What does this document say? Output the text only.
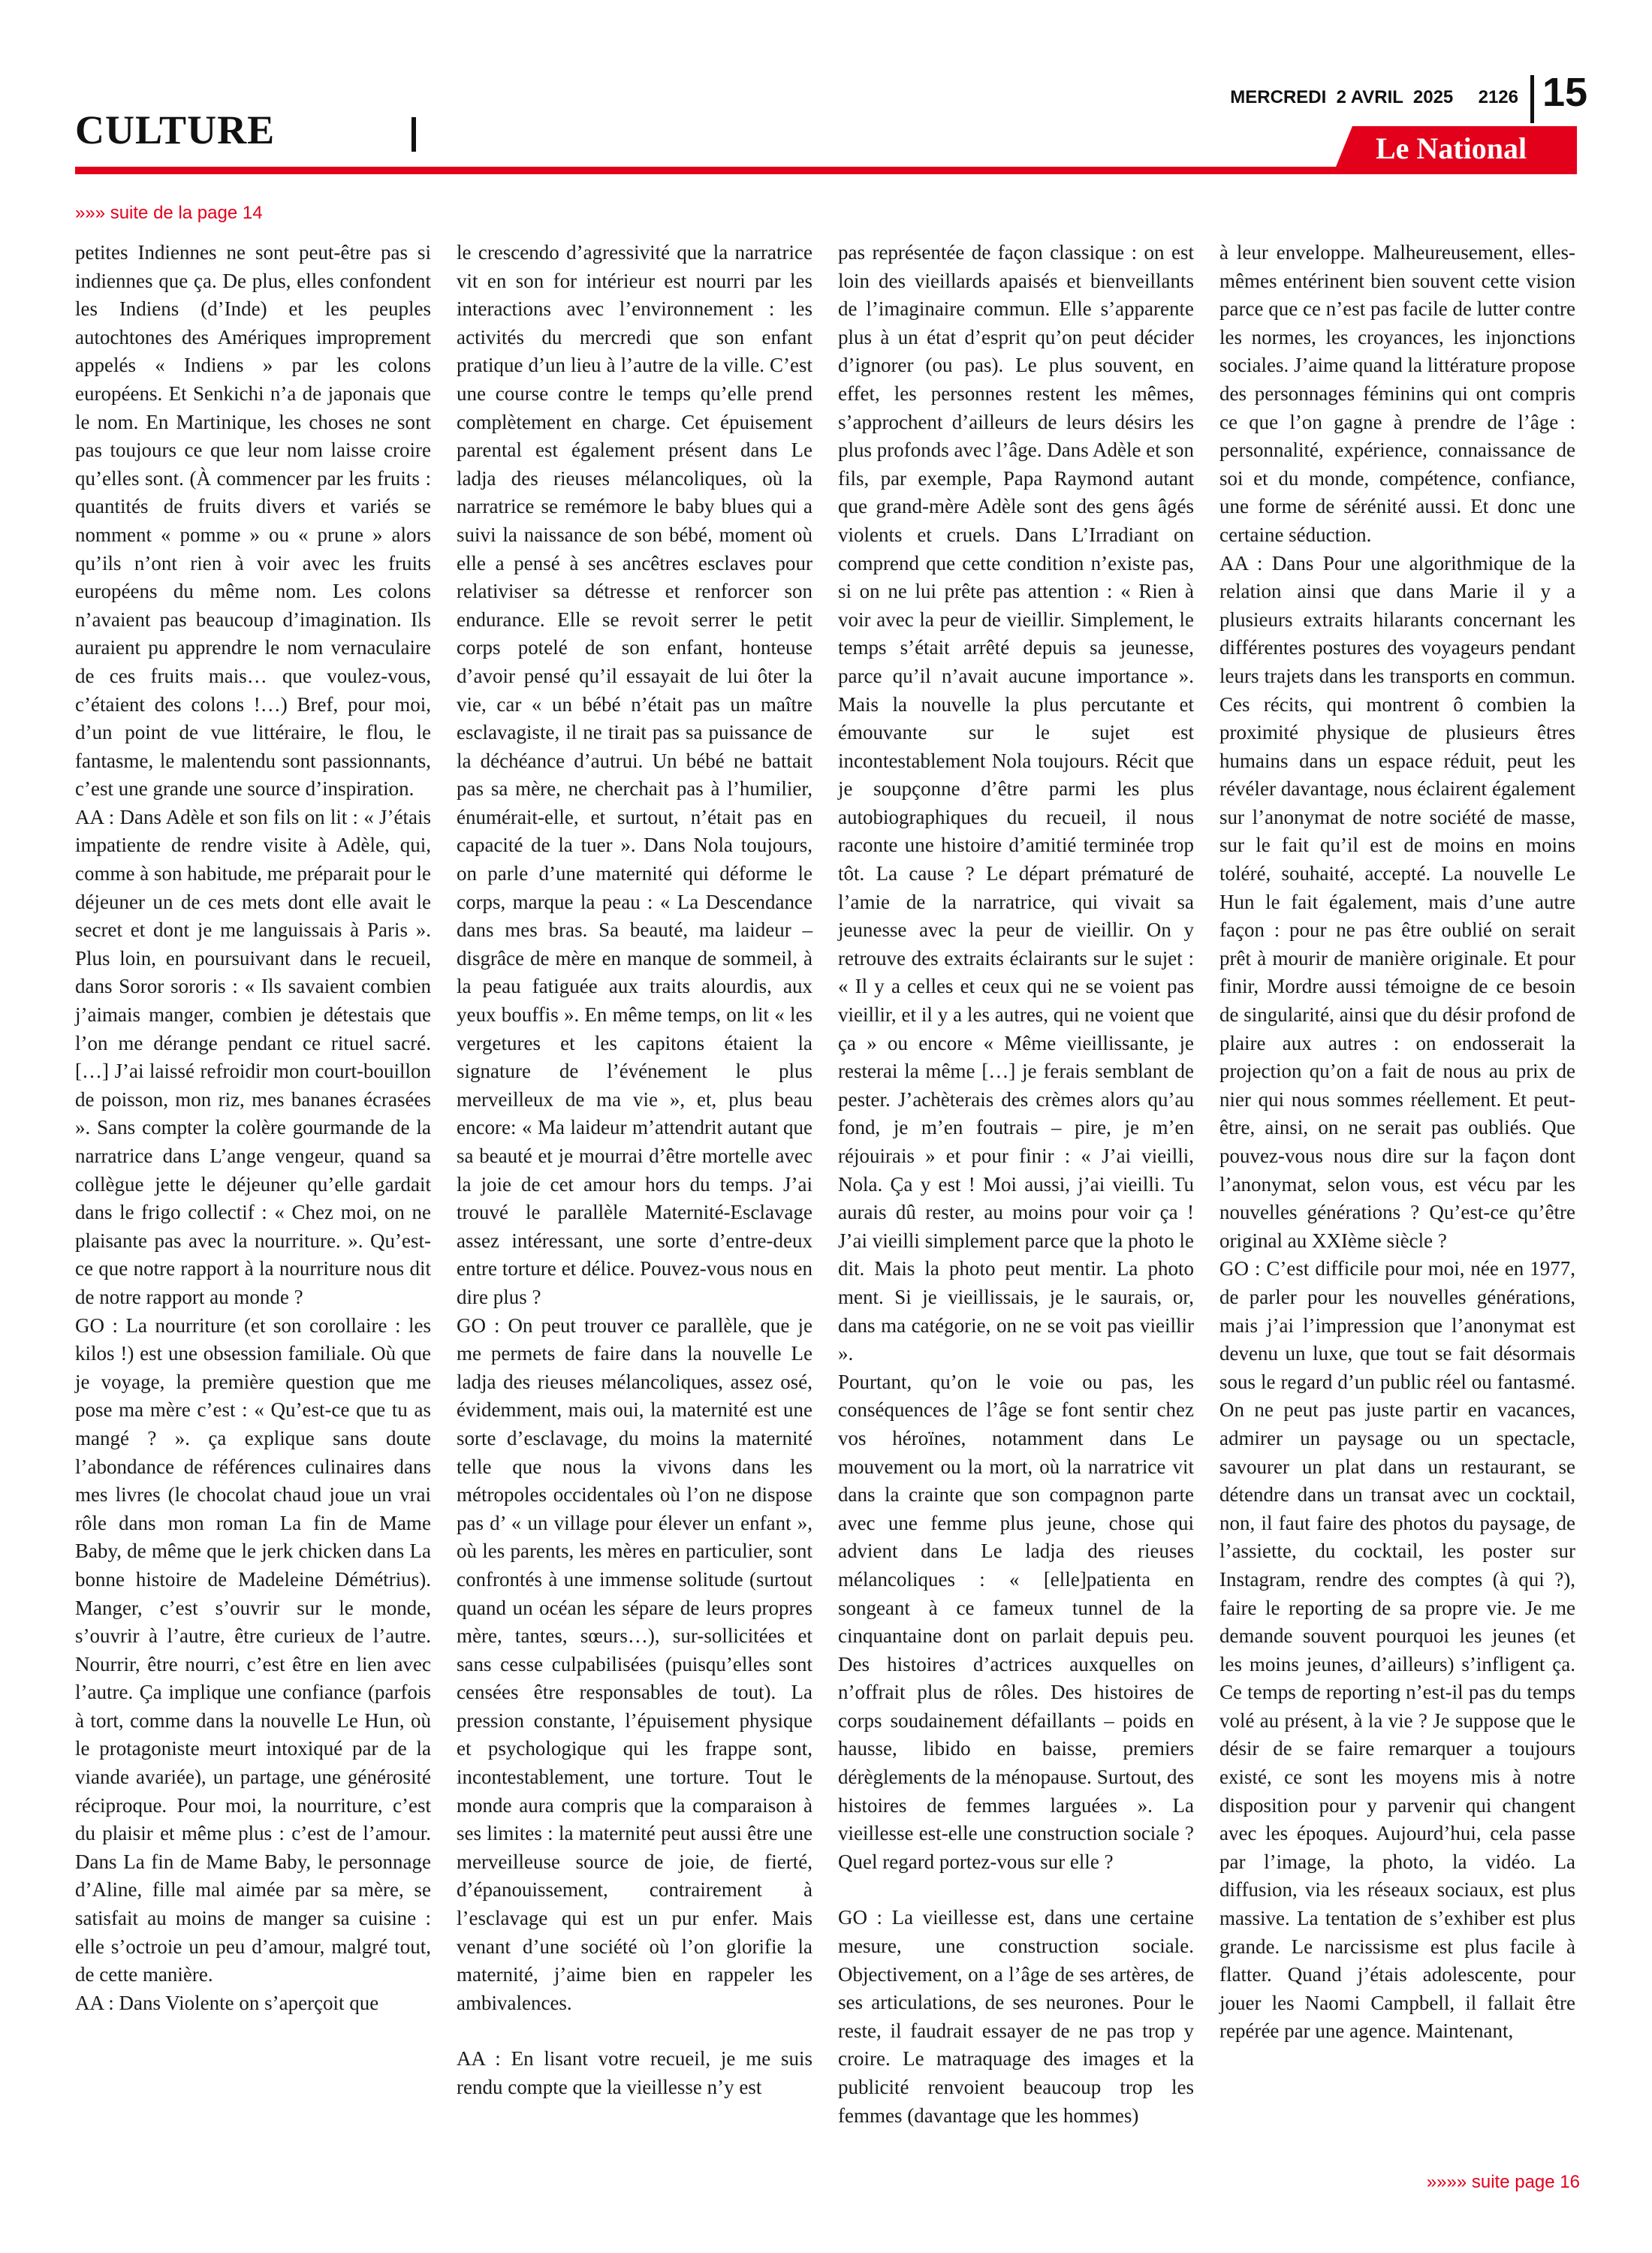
CULTURE
MERCREDI  2 AVRIL  2025 2126 15
Le National
»»» suite de la page 14

petites Indiennes ne sont peut-être pas si indiennes que ça. De plus, elles confondent les Indiens (d’Inde) et les peuples autochtones des Amériques improprement appelés « Indiens » par les colons européens. Et Senkichi n’a de japonais que le nom. En Martinique, les choses ne sont pas toujours ce que leur nom laisse croire qu’elles sont. (À commencer par les fruits : quantités de fruits divers et variés se nomment « pomme » ou « prune » alors qu’ils n’ont rien à voir avec les fruits européens du même nom. Les colons n’avaient pas beaucoup d’imagination. Ils auraient pu apprendre le nom vernaculaire de ces fruits mais… que voulez-vous, c’étaient des colons !…) Bref, pour moi, d’un point de vue littéraire, le flou, le fantasme, le malentendu sont passionnants, c’est une grande une source d’inspiration.

AA : Dans Adèle et son fils on lit : « J’étais impatiente de rendre visite à Adèle, qui, comme à son habitude, me préparait pour le déjeuner un de ces mets dont elle avait le secret et dont je me languissais à Paris ». Plus loin, en poursuivant dans le recueil, dans Soror sororis : « Ils savaient combien j’aimais manger, combien je détestais que l’on me dérange pendant ce rituel sacré. […] J’ai laissé refroidir mon court-bouillon de poisson, mon riz, mes bananes écrasées ». Sans compter la colère gourmande de la narratrice dans L’ange vengeur, quand sa collègue jette le déjeuner qu’elle gardait dans le frigo collectif : « Chez moi, on ne plaisante pas avec la nourriture. ». Qu’est-ce que notre rapport à la nourriture nous dit de notre rapport au monde ?

GO : La nourriture (et son corollaire : les kilos !) est une obsession familiale. Où que je voyage, la première question que me pose ma mère c’est : « Qu’est-ce que tu as mangé ? ». ça explique sans doute l’abondance de références culinaires dans mes livres (le chocolat chaud joue un vrai rôle dans mon roman La fin de Mame Baby, de même que le jerk chicken dans La bonne histoire de Madeleine Démétrius). Manger, c’est s’ouvrir sur le monde, s’ouvrir à l’autre, être curieux de l’autre. Nourrir, être nourri, c’est être en lien avec l’autre. Ça implique une confiance (parfois à tort, comme dans la nouvelle Le Hun, où le protagoniste meurt intoxiqué par de la viande avariée), un partage, une générosité réciproque. Pour moi, la nourriture, c’est du plaisir et même plus : c’est de l’amour. Dans La fin de Mame Baby, le personnage d’Aline, fille mal aimée par sa mère, se satisfait au moins de manger sa cuisine : elle s’octroie un peu d’amour, malgré tout, de cette manière.

AA : Dans Violente on s’aperçoit que

le crescendo d’agressivité que la narratrice vit en son for intérieur est nourri par les interactions avec l’environnement : les activités du mercredi que son enfant pratique d’un lieu à l’autre de la ville. C’est une course contre le temps qu’elle prend complètement en charge. Cet épuisement parental est également présent dans Le ladja des rieuses mélancoliques, où la narratrice se remémore le baby blues qui a suivi la naissance de son bébé, moment où elle a pensé à ses ancêtres esclaves pour relativiser sa détresse et renforcer son endurance. Elle se revoit serrer le petit corps potelé de son enfant, honteuse d’avoir pensé qu’il essayait de lui ôter la vie, car « un bébé n’était pas un maître esclavagiste, il ne tirait pas sa puissance de la déchéance d’autrui. Un bébé ne battait pas sa mère, ne cherchait pas à l’humilier, énumérait-elle, et surtout, n’était pas en capacité de la tuer ». Dans Nola toujours, on parle d’une maternité qui déforme le corps, marque la peau : « La Descendance dans mes bras. Sa beauté, ma laideur – disgrâce de mère en manque de sommeil, à la peau fatiguée aux traits alourdis, aux yeux bouffis ». En même temps, on lit « les vergetures et les capitons étaient la signature de l’événement le plus merveilleux de ma vie », et, plus beau encore: « Ma laideur m’attendrit autant que sa beauté et je mourrai d’être mortelle avec la joie de cet amour hors du temps. J’ai trouvé le parallèle Maternité-Esclavage assez intéressant, une sorte d’entre-deux entre torture et délice. Pouvez-vous nous en dire plus ?

GO : On peut trouver ce parallèle, que je me permets de faire dans la nouvelle Le ladja des rieuses mélancoliques, assez osé, évidemment, mais oui, la maternité est une sorte d’esclavage, du moins la maternité telle que nous la vivons dans les métropoles occidentales où l’on ne dispose pas d’ « un village pour élever un enfant », où les parents, les mères en particulier, sont confrontés à une immense solitude (surtout quand un océan les sépare de leurs propres mère, tantes, sœurs…), sur-sollicitées et sans cesse culpabilisées (puisqu’elles sont censées être responsables de tout). La pression constante, l’épuisement physique et psychologique qui les frappe sont, incontestablement, une torture. Tout le monde aura compris que la comparaison à ses limites : la maternité peut aussi être une merveilleuse source de joie, de fierté, d’épanouissement, contrairement à l’esclavage qui est un pur enfer. Mais venant d’une société où l’on glorifie la maternité, j’aime bien en rappeler les ambivalences.

AA : En lisant votre recueil, je me suis rendu compte que la vieillesse n’y est

pas représentée de façon classique : on est loin des vieillards apaisés et bienveillants de l’imaginaire commun. Elle s’apparente plus à un état d’esprit qu’on peut décider d’ignorer (ou pas). Le plus souvent, en effet, les personnes restent les mêmes, s’approchent d’ailleurs de leurs désirs les plus profonds avec l’âge. Dans Adèle et son fils, par exemple, Papa Raymond autant que grand-mère Adèle sont des gens âgés violents et cruels. Dans L’Irradiant on comprend que cette condition n’existe pas, si on ne lui prête pas attention : « Rien à voir avec la peur de vieillir. Simplement, le temps s’était arrêté depuis sa jeunesse, parce qu’il n’avait aucune importance ». Mais la nouvelle la plus percutante et émouvante sur le sujet est incontestablement Nola toujours. Récit que je soupçonne d’être parmi les plus autobiographiques du recueil, il nous raconte une histoire d’amitié terminée trop tôt. La cause ? Le départ prématuré de l’amie de la narratrice, qui vivait sa jeunesse avec la peur de vieillir. On y retrouve des extraits éclairants sur le sujet : « Il y a celles et ceux qui ne se voient pas vieillir, et il y a les autres, qui ne voient que ça » ou encore « Même vieillissante, je resterai la même […] je ferais semblant de pester. J’achèterais des crèmes alors qu’au fond, je m’en foutrais – pire, je m’en réjouirais » et pour finir : « J’ai vieilli, Nola. Ça y est ! Moi aussi, j’ai vieilli. Tu aurais dû rester, au moins pour voir ça ! J’ai vieilli simplement parce que la photo le dit. Mais la photo peut mentir. La photo ment. Si je vieillissais, je le saurais, or, dans ma catégorie, on ne se voit pas vieillir ».

Pourtant, qu’on le voie ou pas, les conséquences de l’âge se font sentir chez vos héroïnes, notamment dans Le mouvement ou la mort, où la narratrice vit dans la crainte que son compagnon parte avec une femme plus jeune, chose qui advient dans Le ladja des rieuses mélancoliques : « [elle]patienta en songeant à ce fameux tunnel de la cinquantaine dont on parlait depuis peu. Des histoires d’actrices auxquelles on n’offrait plus de rôles. Des histoires de corps soudainement défaillants – poids en hausse, libido en baisse, premiers dérèglements de la ménopause. Surtout, des histoires de femmes larguées ». La vieillesse est-elle une construction sociale ? Quel regard portez-vous sur elle ?

GO : La vieillesse est, dans une certaine mesure, une construction sociale. Objectivement, on a l’âge de ses artères, de ses articulations, de ses neurones. Pour le reste, il faudrait essayer de ne pas trop y croire. Le matraquage des images et la publicité renvoient beaucoup trop les femmes (davantage que les hommes)

à leur enveloppe. Malheureusement, elles-mêmes entérinent bien souvent cette vision parce que ce n’est pas facile de lutter contre les normes, les croyances, les injonctions sociales. J’aime quand la littérature propose des personnages féminins qui ont compris ce que l’on gagne à prendre de l’âge : personnalité, expérience, connaissance de soi et du monde, compétence, confiance, une forme de sérénité aussi. Et donc une certaine séduction.

AA : Dans Pour une algorithmique de la relation ainsi que dans Marie il y a plusieurs extraits hilarants concernant les différentes postures des voyageurs pendant leurs trajets dans les transports en commun. Ces récits, qui montrent ô combien la proximité physique de plusieurs êtres humains dans un espace réduit, peut les révéler davantage, nous éclairent également sur l’anonymat de notre société de masse, sur le fait qu’il est de moins en moins toléré, souhaité, accepté. La nouvelle Le Hun le fait également, mais d’une autre façon : pour ne pas être oublié on serait prêt à mourir de manière originale. Et pour finir, Mordre aussi témoigne de ce besoin de singularité, ainsi que du désir profond de plaire aux autres : on endosserait la projection qu’on a fait de nous au prix de nier qui nous sommes réellement. Et peut-être, ainsi, on ne serait pas oubliés. Que pouvez-vous nous dire sur la façon dont l’anonymat, selon vous, est vécu par les nouvelles générations ? Qu’est-ce qu’être original au XXIème siècle ?

GO : C’est difficile pour moi, née en 1977, de parler pour les nouvelles générations, mais j’ai l’impression que l’anonymat est devenu un luxe, que tout se fait désormais sous le regard d’un public réel ou fantasmé. On ne peut pas juste partir en vacances, admirer un paysage ou un spectacle, savourer un plat dans un restaurant, se détendre dans un transat avec un cocktail, non, il faut faire des photos du paysage, de l’assiette, du cocktail, les poster sur Instagram, rendre des comptes (à qui ?), faire le reporting de sa propre vie. Je me demande souvent pourquoi les jeunes (et les moins jeunes, d’ailleurs) s’infligent ça. Ce temps de reporting n’est-il pas du temps volé au présent, à la vie ? Je suppose que le désir de se faire remarquer a toujours existé, ce sont les moyens mis à notre disposition pour y parvenir qui changent avec les époques. Aujourd’hui, cela passe par l’image, la photo, la vidéo. La diffusion, via les réseaux sociaux, est plus massive. La tentation de s’exhiber est plus grande. Le narcissisme est plus facile à flatter. Quand j’étais adolescente, pour jouer les Naomi Campbell, il fallait être repérée par une agence. Maintenant,

»»»» suite page 16
